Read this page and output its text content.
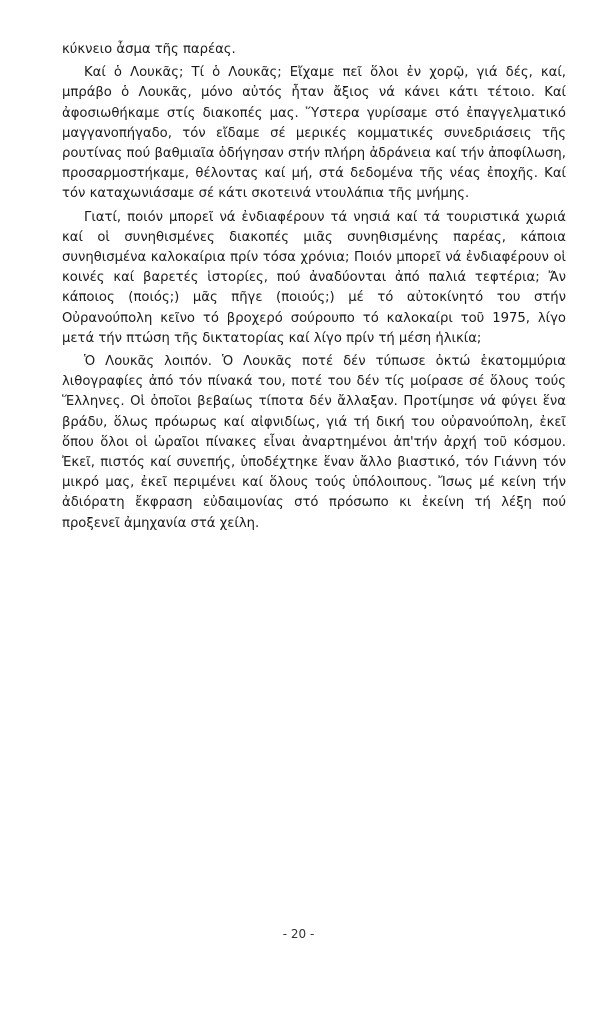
κύκνειο ἆσμα τῆς παρέας.

Καί ὁ Λουκᾶς; Τί ὁ Λουκᾶς; Εἴχαμε πεῖ ὅλοι ἐν χορῷ, γιά δές, καί, μπράβο ὁ Λουκᾶς, μόνο αὐτός ἦταν ἄξιος νά κάνει κάτι τέτοιο. Καί ἀφοσιωθήκαμε στίς διακοπές μας. Ὕστερα γυρίσαμε στό ἐπαγγελματικό μαγγανοπήγαδο, τόν εἴδαμε σέ μερικές κομματικές συνεδριάσεις τῆς ρουτίνας πού βαθμιαῖα ὁδήγησαν στήν πλήρη ἀδράνεια καί τήν ἀποφίλωση, προσαρμοστήκαμε, θέλοντας καί μή, στά δεδομένα τῆς νέας ἐποχῆς. Καί τόν καταχωνιάσαμε σέ κάτι σκοτεινά ντουλάπια τῆς μνήμης.

Γιατί, ποιόν μπορεῖ νά ἐνδιαφέρουν τά νησιά καί τά τουριστικά χωριά καί οἱ συνηθισμένες διακοπές μιᾶς συνηθισμένης παρέας, κάποια συνηθισμένα καλοκαίρια πρίν τόσα χρόνια; Ποιόν μπορεῖ νά ἐνδιαφέρουν οἱ κοινές καί βαρετές ἱστορίες, πού ἀναδύονται ἀπό παλιά τεφτέρια; Ἄν κάποιος (ποιός;) μᾶς πῆγε (ποιούς;) μέ τό αὐτοκίνητό του στήν Οὐρανούπολη κεῖνο τό βροχερό σούρουπο τό καλοκαίρι τοῦ 1975, λίγο μετά τήν πτώση τῆς δικτατορίας καί λίγο πρίν τή μέση ἡλικία;

Ὁ Λουκᾶς λοιπόν. Ὁ Λουκᾶς ποτέ δέν τύπωσε ὀκτώ ἑκατομμύρια λιθογραφίες ἀπό τόν πίνακά του, ποτέ του δέν τίς μοίρασε σέ ὅλους τούς Ἕλληνες. Οἱ ὁποῖοι βεβαίως τίποτα δέν ἄλλαξαν. Προτίμησε νά φύγει ἕνα βράδυ, ὅλως πρόωρως καί αἰφνιδίως, γιά τή δική του οὐρανούπολη, ἐκεῖ ὅπου ὅλοι οἱ ὡραῖοι πίνακες εἶναι ἀναρτημένοι ἀπ'τήν ἀρχή τοῦ κόσμου. Ἐκεῖ, πιστός καί συνεπής, ὑποδέχτηκε ἕναν ἄλλο βιαστικό, τόν Γιάννη τόν μικρό μας, ἐκεῖ περιμένει καί ὅλους τούς ὑπόλοιπους. Ἴσως μέ κείνη τήν ἀδιόρατη ἔκφραση εὐδαιμονίας στό πρόσωπο κι ἐκείνη τή λέξη πού προξενεῖ ἀμηχανία στά χείλη.

- 20 -
